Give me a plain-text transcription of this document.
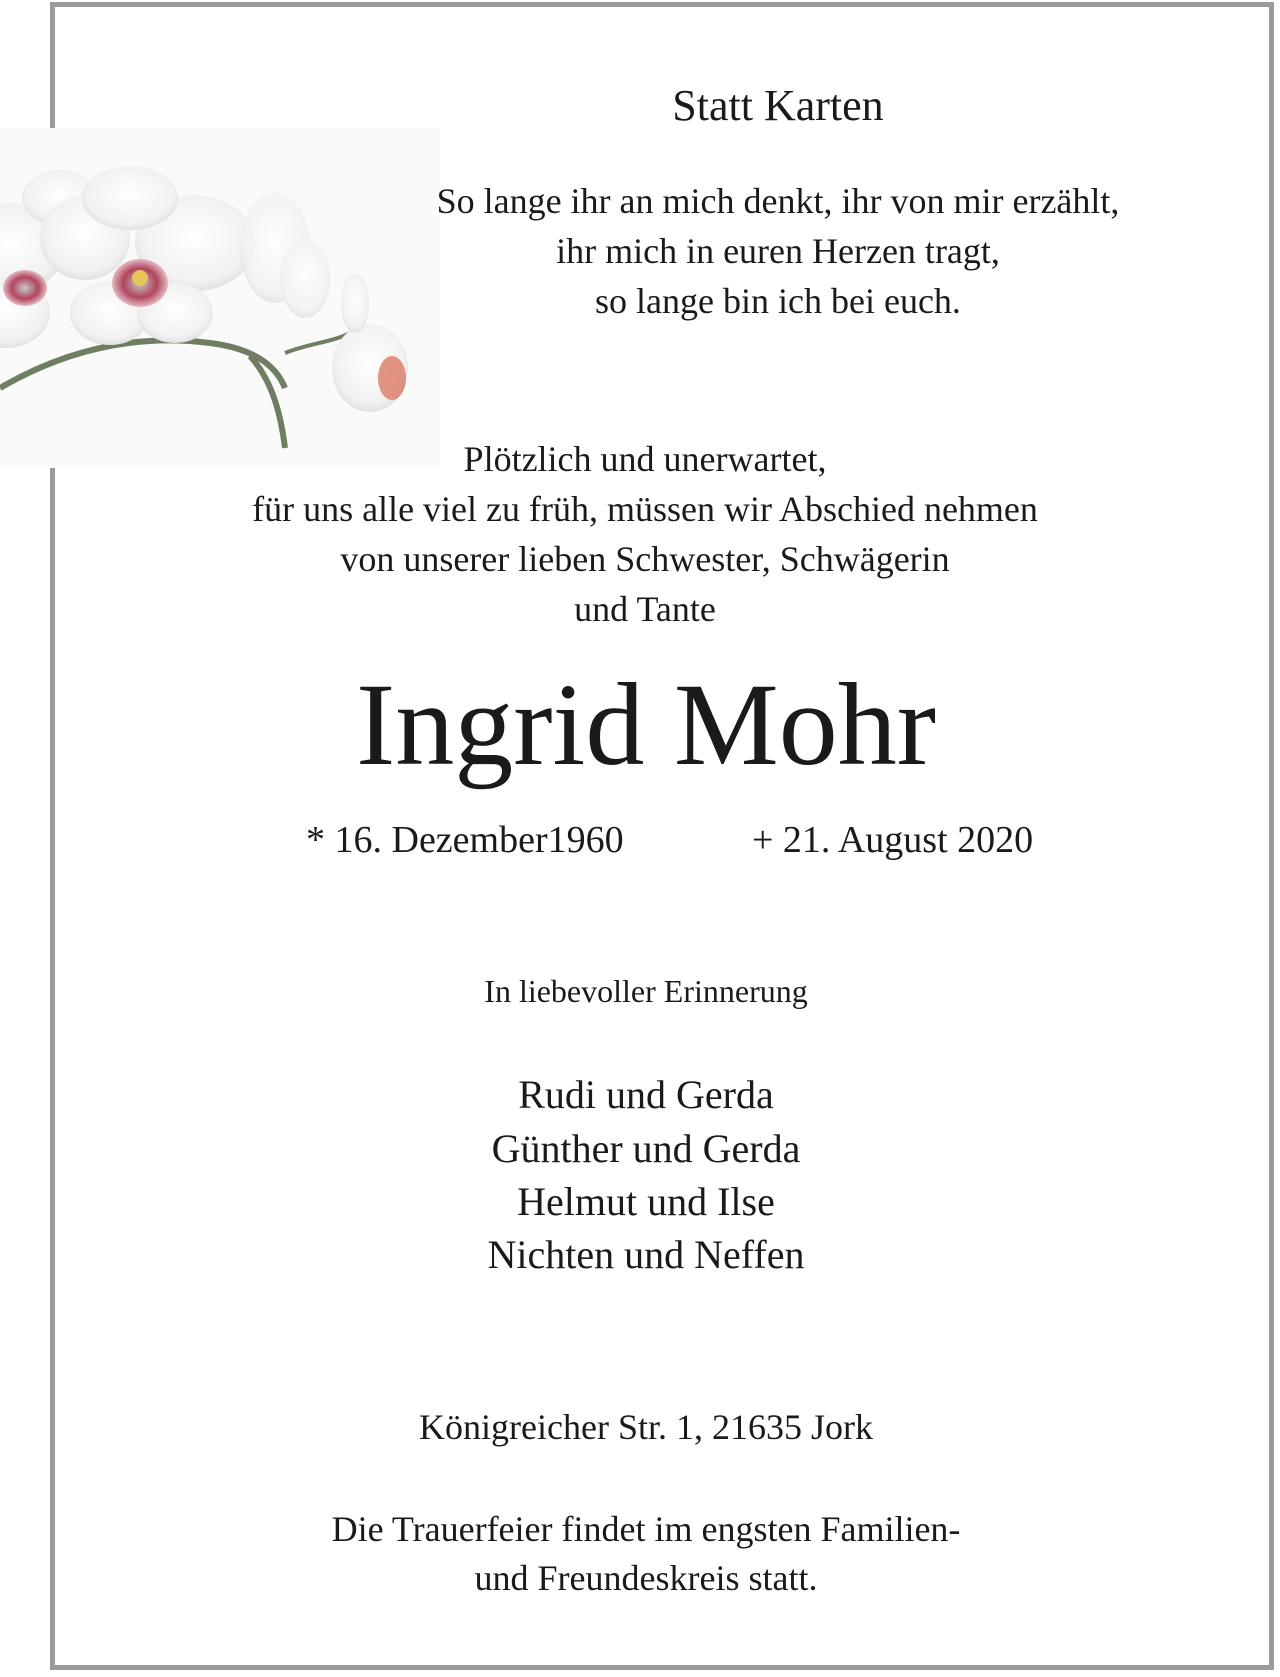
Statt Karten
So lange ihr an mich denkt, ihr von mir erzählt,
ihr mich in euren Herzen tragt,
so lange bin ich bei euch.
Plötzlich und unerwartet,
für uns alle viel zu früh, müssen wir Abschied nehmen
von unserer lieben Schwester, Schwägerin
und Tante
Ingrid Mohr
* 16. Dezember1960	+ 21. August 2020
In liebevoller Erinnerung
Rudi und Gerda
Günther und Gerda
Helmut und Ilse
Nichten und Neffen
Königreicher Str. 1, 21635 Jork
Die Trauerfeier findet im engsten Familien-
und Freundeskreis statt.
